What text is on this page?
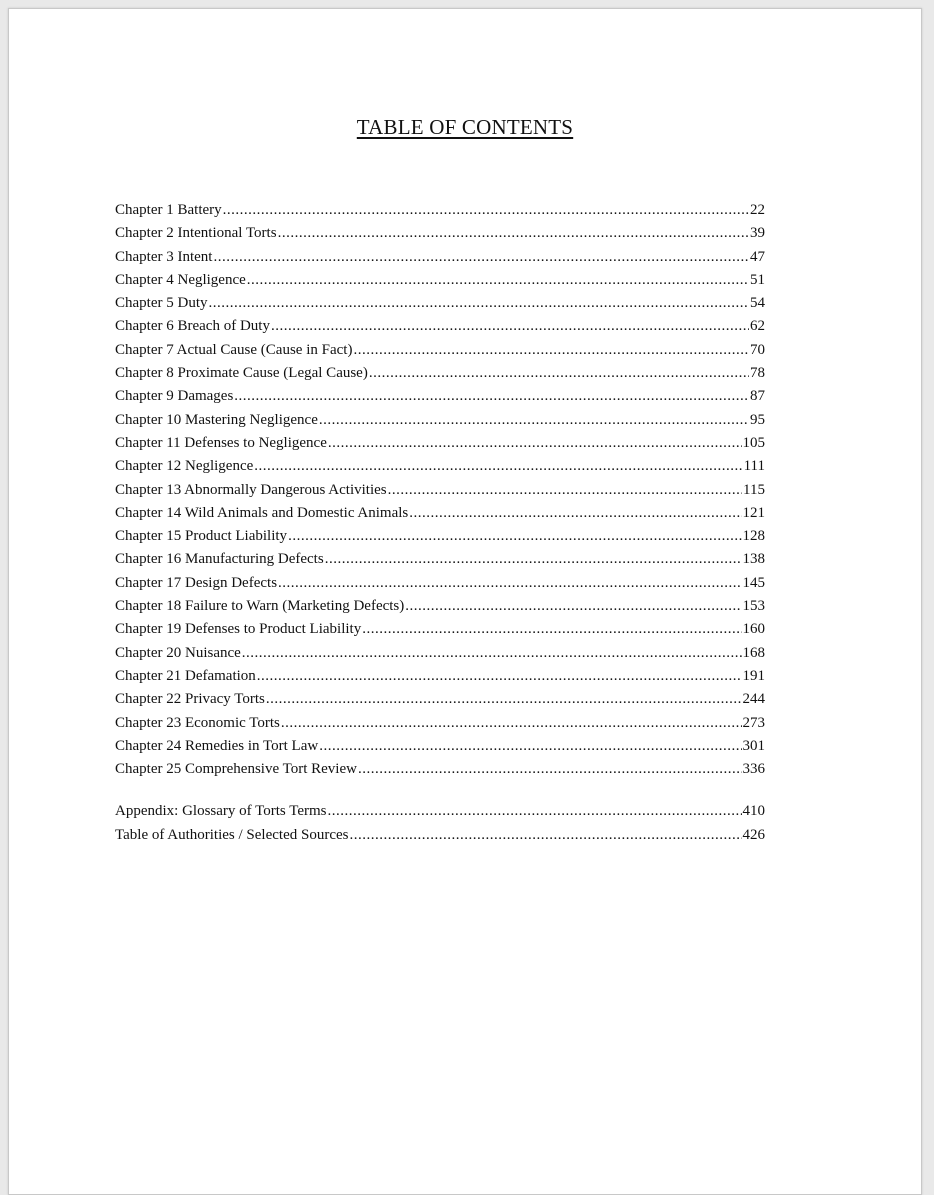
TABLE OF CONTENTS
Chapter 1 Battery .....	22
Chapter 2 Intentional Torts .....	39
Chapter 3 Intent .....	47
Chapter 4 Negligence .....	51
Chapter 5 Duty .....	54
Chapter 6 Breach of Duty .....	62
Chapter 7 Actual Cause (Cause in Fact) .....	70
Chapter 8 Proximate Cause (Legal Cause) .....	78
Chapter 9 Damages .....	87
Chapter 10 Mastering Negligence .....	95
Chapter 11 Defenses to Negligence .....	105
Chapter 12 Negligence .....	111
Chapter 13 Abnormally Dangerous Activities .....	115
Chapter 14 Wild Animals and Domestic Animals .....	121
Chapter 15 Product Liability .....	128
Chapter 16 Manufacturing Defects .....	138
Chapter 17 Design Defects .....	145
Chapter 18 Failure to Warn (Marketing Defects) .....	153
Chapter 19 Defenses to Product Liability .....	160
Chapter 20 Nuisance .....	168
Chapter 21 Defamation .....	191
Chapter 22 Privacy Torts .....	244
Chapter 23 Economic Torts .....	273
Chapter 24 Remedies in Tort Law .....	301
Chapter 25 Comprehensive Tort Review .....	336
Appendix: Glossary of Torts Terms .....	410
Table of Authorities / Selected Sources .....	426
